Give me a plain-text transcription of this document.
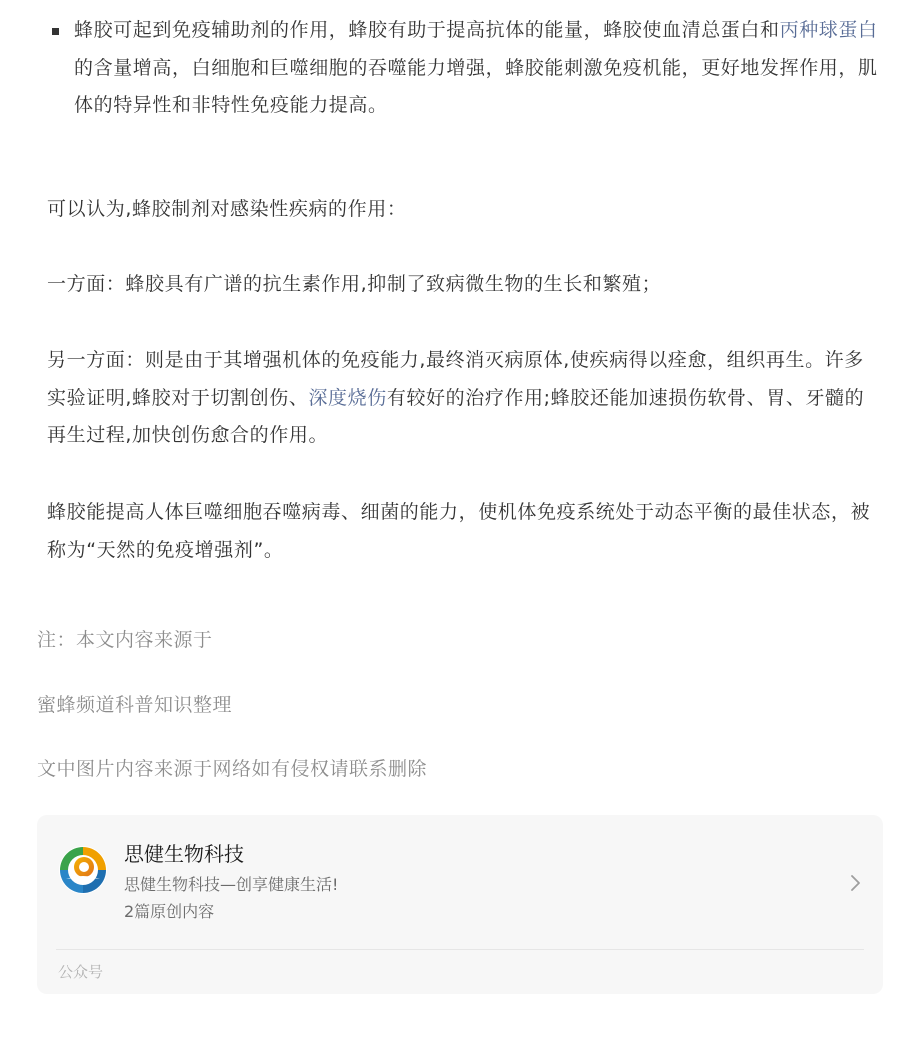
蜂胶可起到免疫辅助剂的作用，蜂胶有助于提高抗体的能量，蜂胶使血清总蛋白和丙种球蛋白的含量增高，白细胞和巨噬细胞的吞噬能力增强，蜂胶能刺激免疫机能，更好地发挥作用，肌体的特异性和非特性免疫能力提高。

可以认为,蜂胶制剂对感染性疾病的作用：

一方面：蜂胶具有广谱的抗生素作用,抑制了致病微生物的生长和繁殖；

另一方面：则是由于其增强机体的免疫能力,最终消灭病原体,使疾病得以痊愈，组织再生。许多实验证明,蜂胶对于切割创伤、深度烧伤有较好的治疗作用;蜂胶还能加速损伤软骨、胃、牙髓的再生过程,加快创伤愈合的作用。

蜂胶能提高人体巨噬细胞吞噬病毒、细菌的能力，使机体免疫系统处于动态平衡的最佳状态，被称为“天然的免疫增强剂”。

注：本文内容来源于

蜜蜂频道科普知识整理

文中图片内容来源于网络如有侵权请联系删除

思健生物科技
思健生物科技—创享健康生活!
2篇原创内容
公众号
